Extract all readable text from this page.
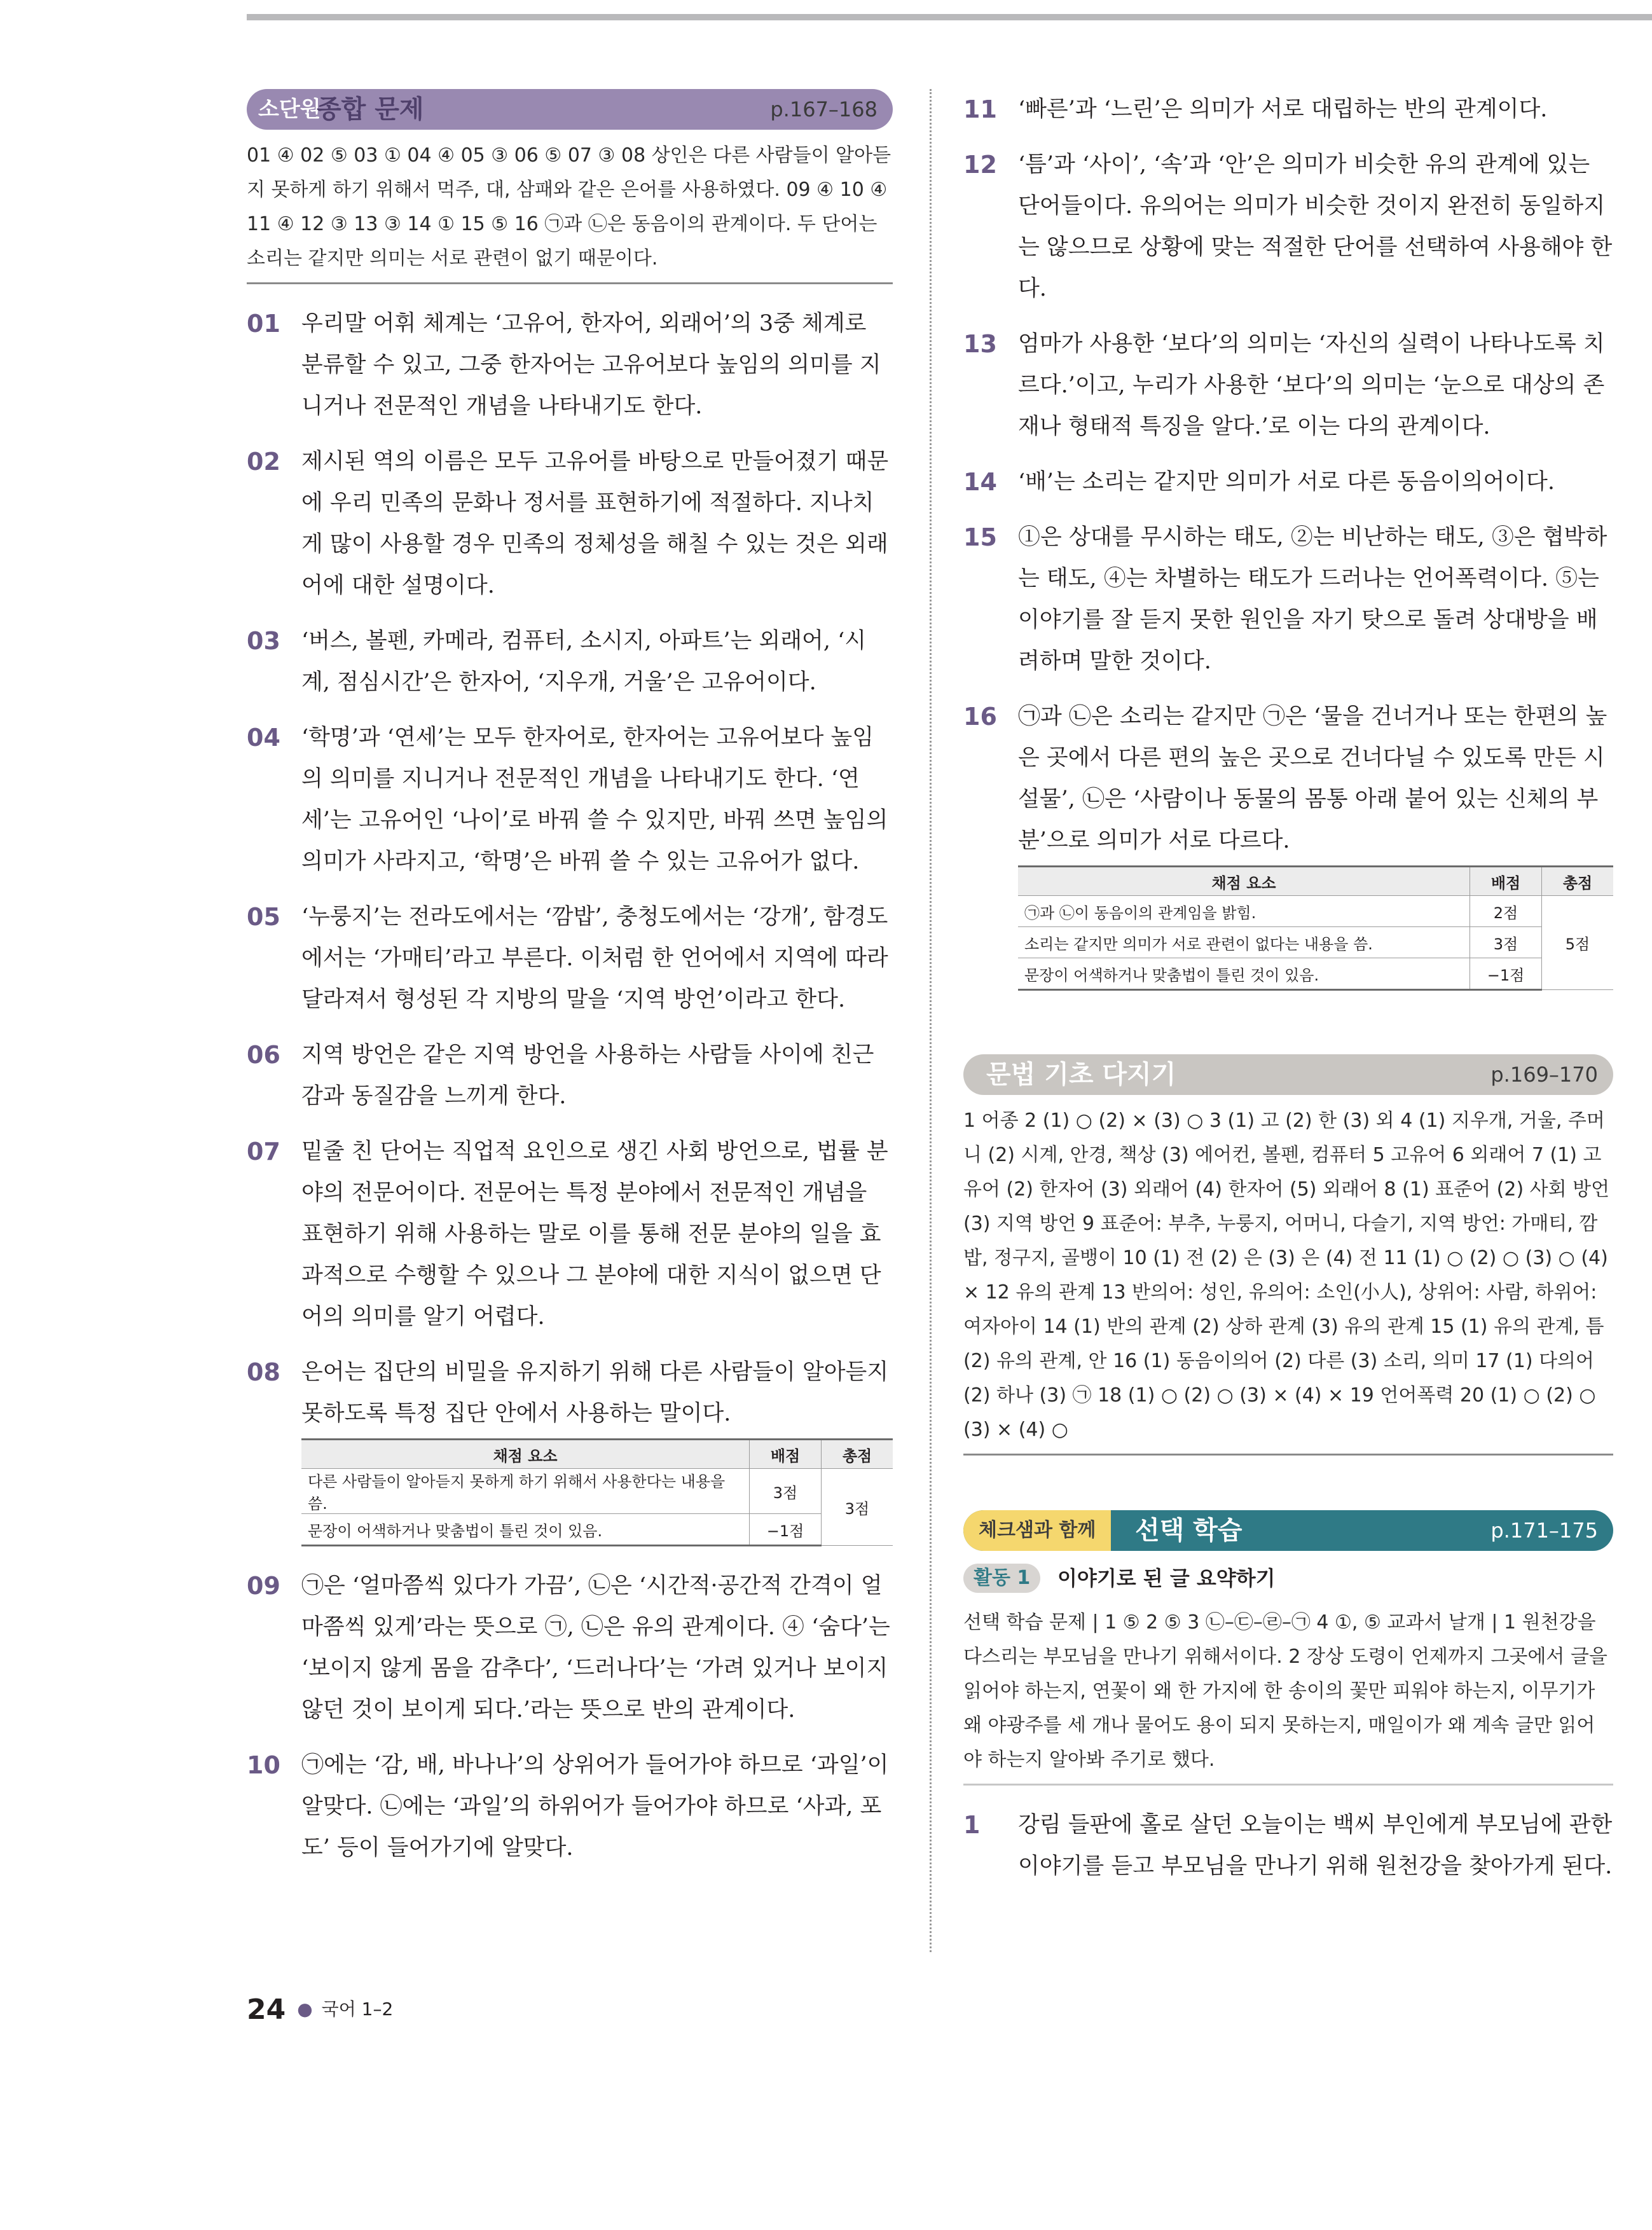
소단원
종합 문제	p.167–168
01 ④ 02 ⑤ 03 ① 04 ④ 05 ③ 06 ⑤ 07 ③ 08 상인은 다른 사람들이 알아듣지 못하게 하기 위해서 먹주, 대, 삼패와 같은 은어를 사용하였다. 09 ④ 10 ④ 11 ④ 12 ③ 13 ③ 14 ① 15 ⑤ 16 ㉠과 ㉡은 동음이의 관계이다. 두 단어는 소리는 같지만 의미는 서로 관련이 없기 때문이다.
01 우리말 어휘 체계는 ‘고유어, 한자어, 외래어’의 3중 체계로 분류할 수 있고, 그중 한자어는 고유어보다 높임의 의미를 지니거나 전문적인 개념을 나타내기도 한다.
02 제시된 역의 이름은 모두 고유어를 바탕으로 만들어졌기 때문에 우리 민족의 문화나 정서를 표현하기에 적절하다. 지나치게 많이 사용할 경우 민족의 정체성을 해칠 수 있는 것은 외래어에 대한 설명이다.
03 ‘버스, 볼펜, 카메라, 컴퓨터, 소시지, 아파트’는 외래어, ‘시계, 점심시간’은 한자어, ‘지우개, 거울’은 고유어이다.
04 ‘학명’과 ‘연세’는 모두 한자어로, 한자어는 고유어보다 높임의 의미를 지니거나 전문적인 개념을 나타내기도 한다. ‘연세’는 고유어인 ‘나이’로 바꿔 쓸 수 있지만, 바꿔 쓰면 높임의 의미가 사라지고, ‘학명’은 바꿔 쓸 수 있는 고유어가 없다.
05 ‘누룽지’는 전라도에서는 ‘깜밥’, 충청도에서는 ‘강개’, 함경도에서는 ‘가매티’라고 부른다. 이처럼 한 언어에서 지역에 따라 달라져서 형성된 각 지방의 말을 ‘지역 방언’이라고 한다.
06 지역 방언은 같은 지역 방언을 사용하는 사람들 사이에 친근감과 동질감을 느끼게 한다.
07 밑줄 친 단어는 직업적 요인으로 생긴 사회 방언으로, 법률 분야의 전문어이다. 전문어는 특정 분야에서 전문적인 개념을 표현하기 위해 사용하는 말로 이를 통해 전문 분야의 일을 효과적으로 수행할 수 있으나 그 분야에 대한 지식이 없으면 단어의 의미를 알기 어렵다.
08 은어는 집단의 비밀을 유지하기 위해 다른 사람들이 알아듣지 못하도록 특정 집단 안에서 사용하는 말이다.
채점 요소	배점	총점
다른 사람들이 알아듣지 못하게 하기 위해서 사용한다는 내용을 씀.	3점	3점
문장이 어색하거나 맞춤법이 틀린 것이 있음.	−1점	
09 ㉠은 ‘얼마쯤씩 있다가 가끔’, ㉡은 ‘시간적·공간적 간격이 얼마쯤씩 있게’라는 뜻으로 ㉠, ㉡은 유의 관계이다. ④ ‘숨다’는 ‘보이지 않게 몸을 감추다’, ‘드러나다’는 ‘가려 있거나 보이지 않던 것이 보이게 되다.’라는 뜻으로 반의 관계이다.
10 ㉠에는 ‘감, 배, 바나나’의 상위어가 들어가야 하므로 ‘과일’이 알맞다. ㉡에는 ‘과일’의 하위어가 들어가야 하므로 ‘사과, 포도’ 등이 들어가기에 알맞다.
11 ‘빠른’과 ‘느린’은 의미가 서로 대립하는 반의 관계이다.
12 ‘틈’과 ‘사이’, ‘속’과 ‘안’은 의미가 비슷한 유의 관계에 있는 단어들이다. 유의어는 의미가 비슷한 것이지 완전히 동일하지는 않으므로 상황에 맞는 적절한 단어를 선택하여 사용해야 한다.
13 엄마가 사용한 ‘보다’의 의미는 ‘자신의 실력이 나타나도록 치르다.’이고, 누리가 사용한 ‘보다’의 의미는 ‘눈으로 대상의 존재나 형태적 특징을 알다.’로 이는 다의 관계이다.
14 ‘배’는 소리는 같지만 의미가 서로 다른 동음이의어이다.
15 ①은 상대를 무시하는 태도, ②는 비난하는 태도, ③은 협박하는 태도, ④는 차별하는 태도가 드러나는 언어폭력이다. ⑤는 이야기를 잘 듣지 못한 원인을 자기 탓으로 돌려 상대방을 배려하며 말한 것이다.
16 ㉠과 ㉡은 소리는 같지만 ㉠은 ‘물을 건너거나 또는 한편의 높은 곳에서 다른 편의 높은 곳으로 건너다닐 수 있도록 만든 시설물’, ㉡은 ‘사람이나 동물의 몸통 아래 붙어 있는 신체의 부분’으로 의미가 서로 다르다.
채점 요소	배점	총점
㉠과 ㉡이 동음이의 관계임을 밝힘.	2점	5점
소리는 같지만 의미가 서로 관련이 없다는 내용을 씀.	3점	
문장이 어색하거나 맞춤법이 틀린 것이 있음.	−1점	
문법 기초 다지기	p.169–170
1 어종 2 (1) ○ (2) × (3) ○ 3 (1) 고 (2) 한 (3) 외 4 (1) 지우개, 거울, 주머니 (2) 시계, 안경, 책상 (3) 에어컨, 볼펜, 컴퓨터 5 고유어 6 외래어 7 (1) 고유어 (2) 한자어 (3) 외래어 (4) 한자어 (5) 외래어 8 (1) 표준어 (2) 사회 방언 (3) 지역 방언 9 표준어: 부추, 누룽지, 어머니, 다슬기, 지역 방언: 가매티, 깜밥, 정구지, 골뱅이 10 (1) 전 (2) 은 (3) 은 (4) 전 11 (1) ○ (2) ○ (3) ○ (4) × 12 유의 관계 13 반의어: 성인, 유의어: 소인(小人), 상위어: 사람, 하위어: 여자아이 14 (1) 반의 관계 (2) 상하 관계 (3) 유의 관계 15 (1) 유의 관계, 틈 (2) 유의 관계, 안 16 (1) 동음이의어 (2) 다른 (3) 소리, 의미 17 (1) 다의어 (2) 하나 (3) ㉠ 18 (1) ○ (2) ○ (3) × (4) × 19 언어폭력 20 (1) ○ (2) ○ (3) × (4) ○
체크샘과 함께	선택 학습	p.171–175
활동 1	이야기로 된 글 요약하기
선택 학습 문제 | 1 ⑤ 2 ⑤ 3 ㉡–㉢–㉣–㉠ 4 ①, ⑤ 교과서 날개 | 1 원천강을 다스리는 부모님을 만나기 위해서이다. 2 장상 도령이 언제까지 그곳에서 글을 읽어야 하는지, 연꽃이 왜 한 가지에 한 송이의 꽃만 피워야 하는지, 이무기가 왜 야광주를 세 개나 물어도 용이 되지 못하는지, 매일이가 왜 계속 글만 읽어야 하는지 알아봐 주기로 했다.
1 강림 들판에 홀로 살던 오늘이는 백씨 부인에게 부모님에 관한 이야기를 듣고 부모님을 만나기 위해 원천강을 찾아가게 된다.
24 ● 국어 1–2
